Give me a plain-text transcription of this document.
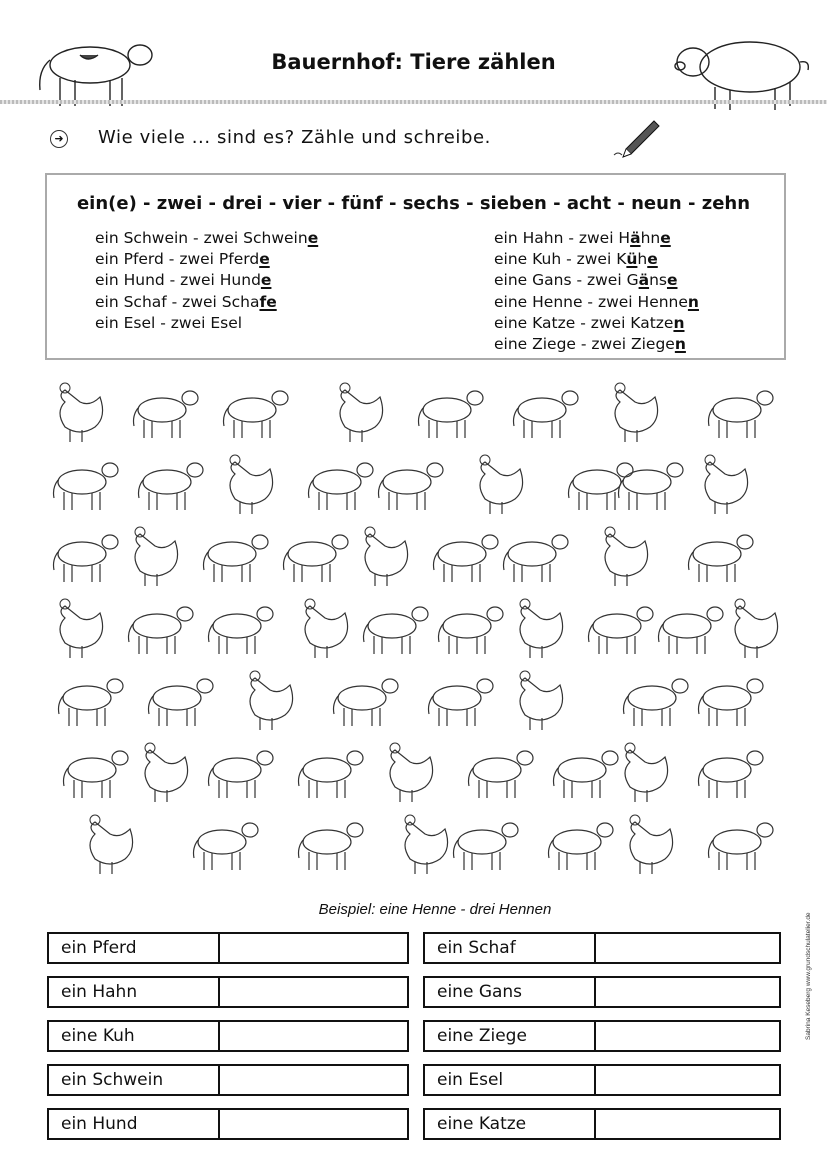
Bauernhof: Tiere zählen
➜ Wie viele ... sind es? Zähle und schreibe.
ein(e) - zwei - drei - vier - fünf - sechs - sieben - acht - neun - zehn
ein Schwein - zwei Schweine
ein Pferd - zwei Pferde
ein Hund - zwei Hunde
ein Schaf - zwei Schafe
ein Esel - zwei Esel
ein Hahn - zwei Hähne
eine Kuh - zwei Kühe
eine Gans - zwei Gänse
eine Henne - zwei Hennen
eine Katze - zwei Katzen
eine Ziege - zwei Ziegen
Beispiel: eine Henne - drei Hennen
ein Pferd
ein Hahn
eine Kuh
ein Schwein
ein Hund
ein Schaf
eine Gans
eine Ziege
ein Esel
eine Katze
Sabrina Keseberg www.grundschulatelier.de
